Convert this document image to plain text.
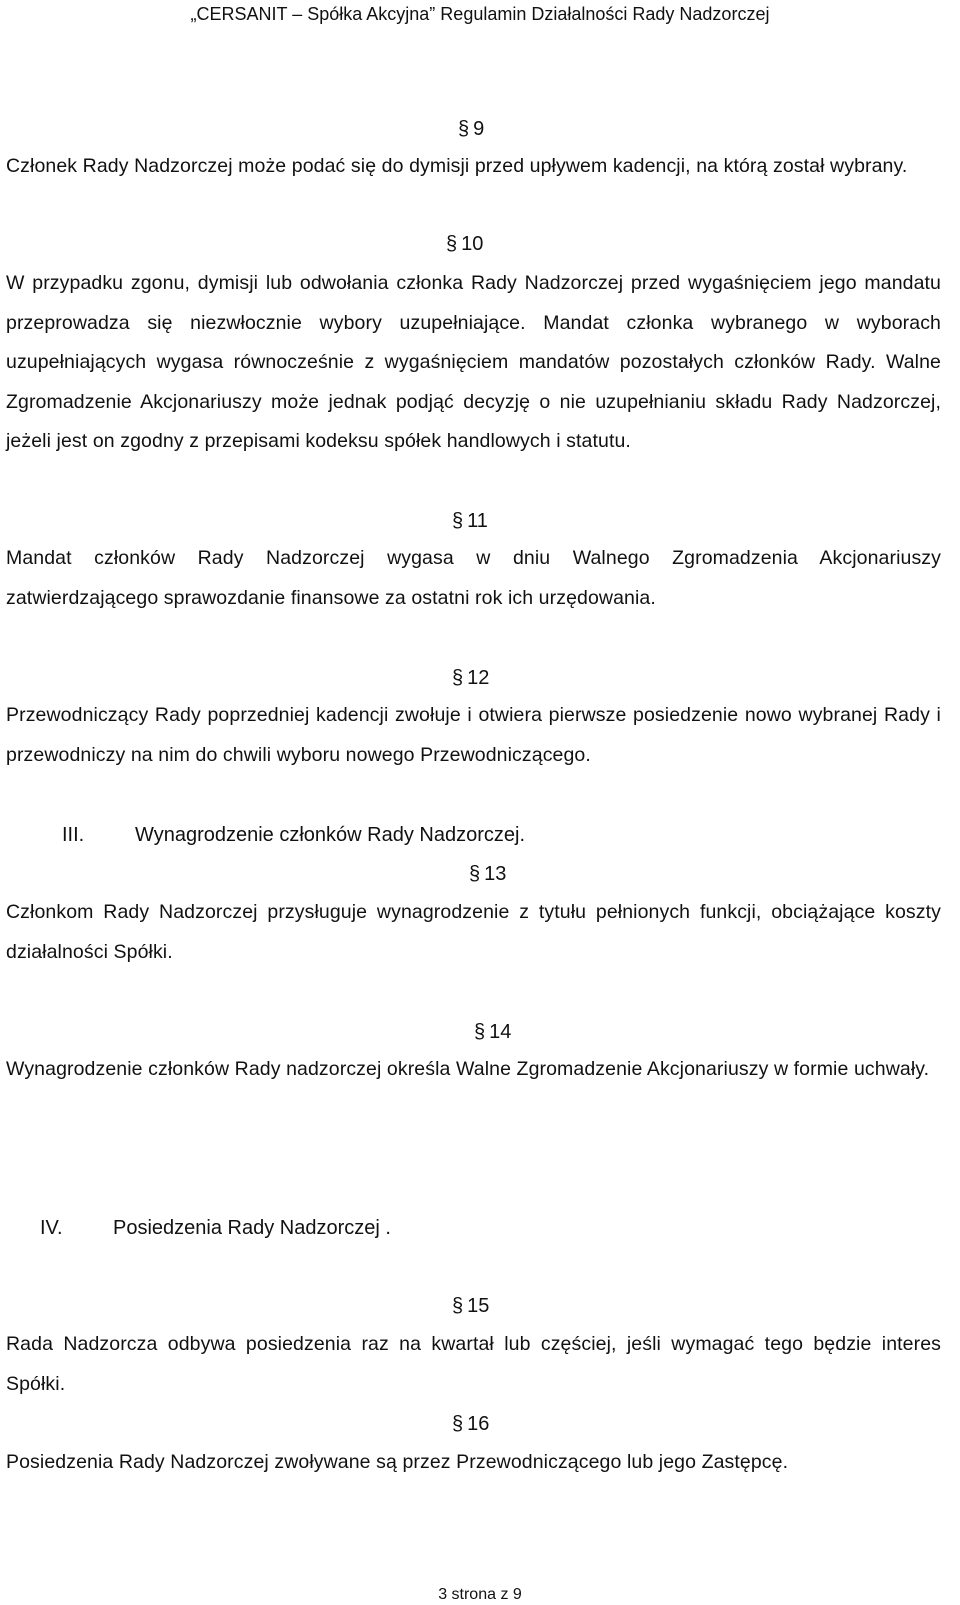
„CERSANIT – Spółka Akcyjna” Regulamin Działalności Rady Nadzorczej
§ 9
Członek Rady Nadzorczej może podać się do dymisji przed upływem kadencji, na którą został wybrany.
§ 10
W przypadku zgonu, dymisji lub odwołania członka Rady Nadzorczej przed wygaśnięciem jego mandatu przeprowadza się niezwłocznie wybory uzupełniające. Mandat członka wybranego w wyborach uzupełniających wygasa równocześnie z wygaśnięciem mandatów pozostałych członków Rady. Walne Zgromadzenie Akcjonariuszy może jednak podjąć decyzję o nie uzupełnianiu składu Rady Nadzorczej, jeżeli jest on zgodny z przepisami kodeksu spółek handlowych i statutu.
§ 11
Mandat członków Rady Nadzorczej wygasa w dniu Walnego Zgromadzenia Akcjonariuszy zatwierdzającego sprawozdanie finansowe za ostatni rok ich urzędowania.
§ 12
Przewodniczący Rady poprzedniej kadencji zwołuje i otwiera pierwsze posiedzenie nowo wybranej Rady i przewodniczy na nim do chwili wyboru nowego Przewodniczącego.
III.	Wynagrodzenie członków Rady Nadzorczej.
§ 13
Członkom Rady Nadzorczej przysługuje wynagrodzenie z tytułu pełnionych funkcji, obciążające koszty działalności Spółki.
§ 14
Wynagrodzenie członków Rady nadzorczej określa Walne Zgromadzenie Akcjonariuszy w formie uchwały.
IV.	Posiedzenia Rady Nadzorczej .
§ 15
Rada Nadzorcza odbywa posiedzenia raz na kwartał lub częściej, jeśli wymagać tego będzie interes Spółki.
§ 16
Posiedzenia Rady Nadzorczej zwoływane są przez Przewodniczącego lub jego Zastępcę.
3 strona z 9
